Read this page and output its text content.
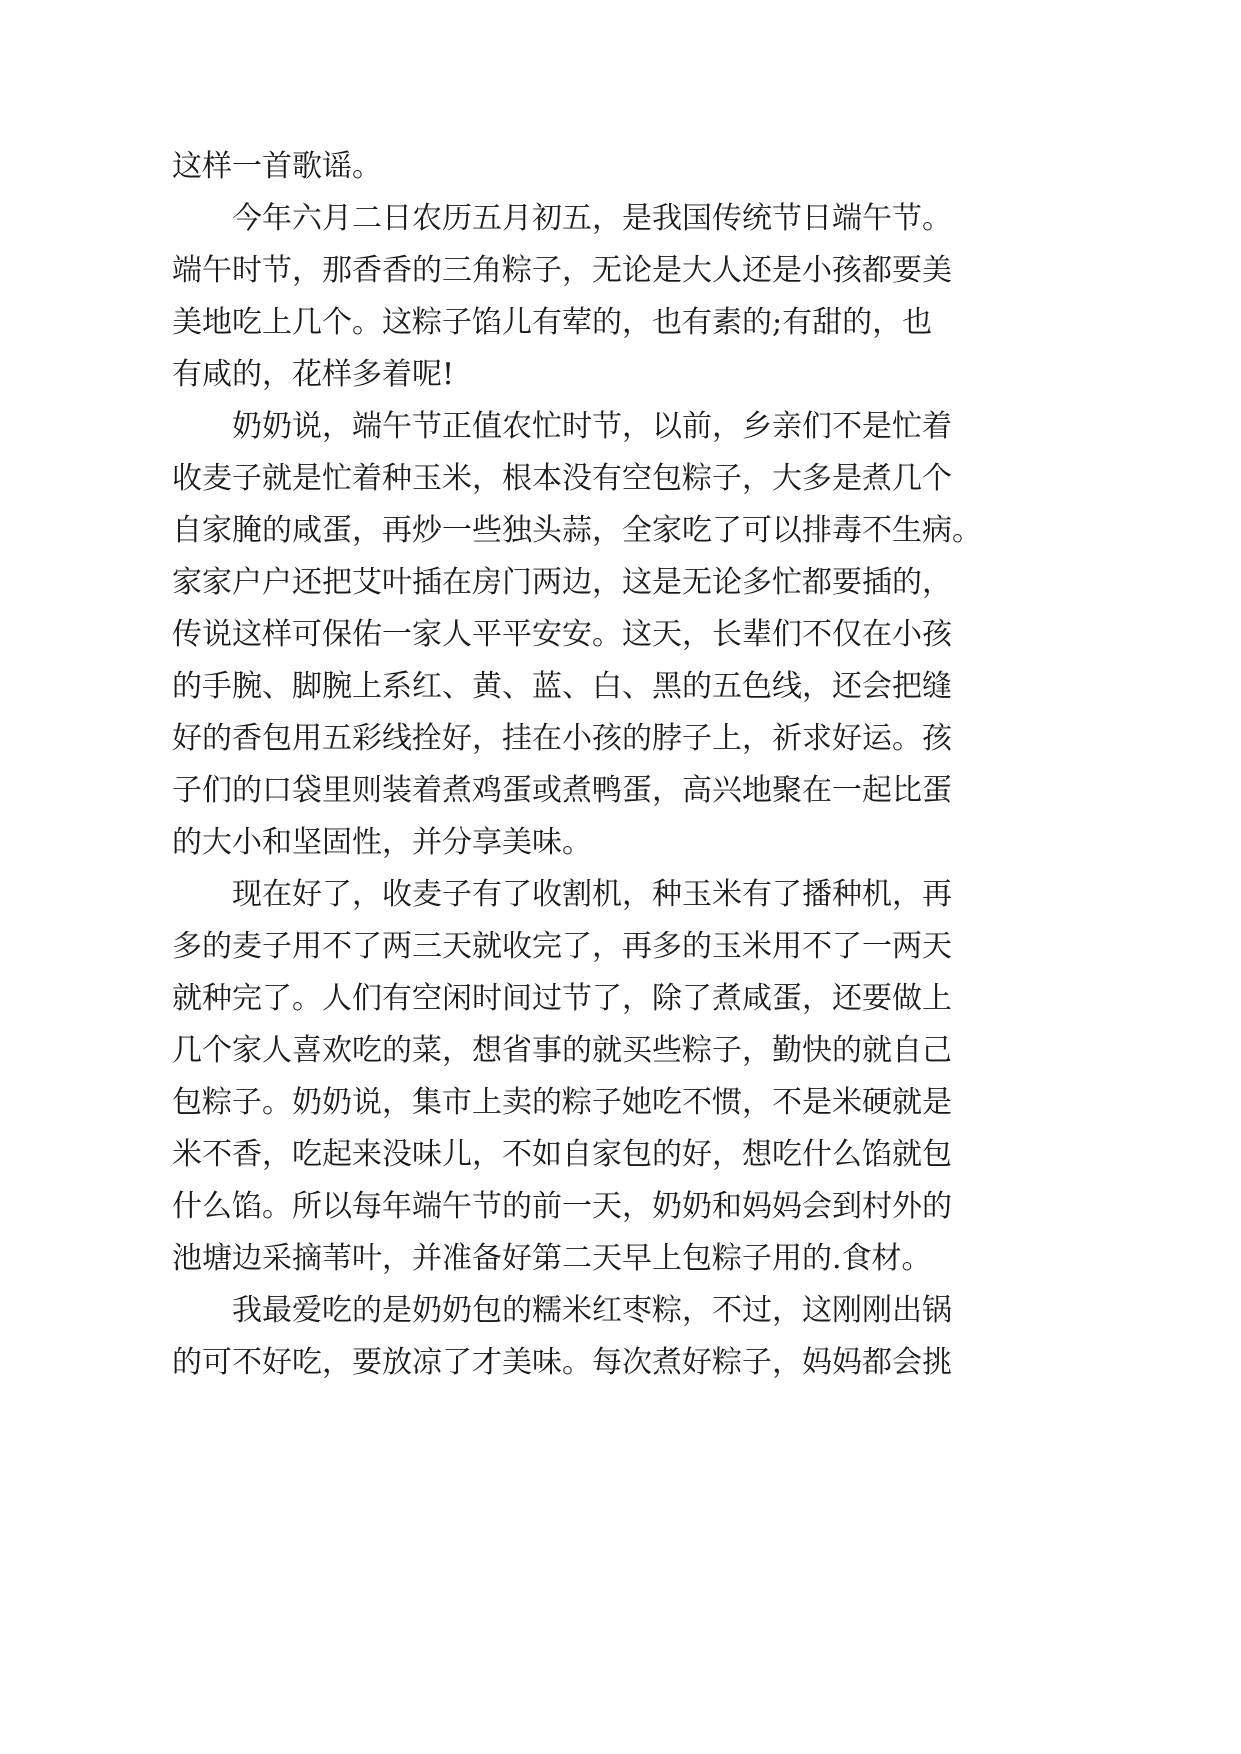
这样一首歌谣。
今年六月二日农历五月初五，是我国传统节日端午节。
端午时节，那香香的三角粽子，无论是大人还是小孩都要美
美地吃上几个。这粽子馅儿有荤的，也有素的;有甜的，也
有咸的，花样多着呢!
奶奶说，端午节正值农忙时节，以前，乡亲们不是忙着
收麦子就是忙着种玉米，根本没有空包粽子，大多是煮几个
自家腌的咸蛋，再炒一些独头蒜，全家吃了可以排毒不生病。
家家户户还把艾叶插在房门两边，这是无论多忙都要插的，
传说这样可保佑一家人平平安安。这天，长辈们不仅在小孩
的手腕、脚腕上系红、黄、蓝、白、黑的五色线，还会把缝
好的香包用五彩线拴好，挂在小孩的脖子上，祈求好运。孩
子们的口袋里则装着煮鸡蛋或煮鸭蛋，高兴地聚在一起比蛋
的大小和坚固性，并分享美味。
现在好了，收麦子有了收割机，种玉米有了播种机，再
多的麦子用不了两三天就收完了，再多的玉米用不了一两天
就种完了。人们有空闲时间过节了，除了煮咸蛋，还要做上
几个家人喜欢吃的菜，想省事的就买些粽子，勤快的就自己
包粽子。奶奶说，集市上卖的粽子她吃不惯，不是米硬就是
米不香，吃起来没味儿，不如自家包的好，想吃什么馅就包
什么馅。所以每年端午节的前一天，奶奶和妈妈会到村外的
池塘边采摘苇叶，并准备好第二天早上包粽子用的.食材。
我最爱吃的是奶奶包的糯米红枣粽，不过，这刚刚出锅
的可不好吃，要放凉了才美味。每次煮好粽子，妈妈都会挑
